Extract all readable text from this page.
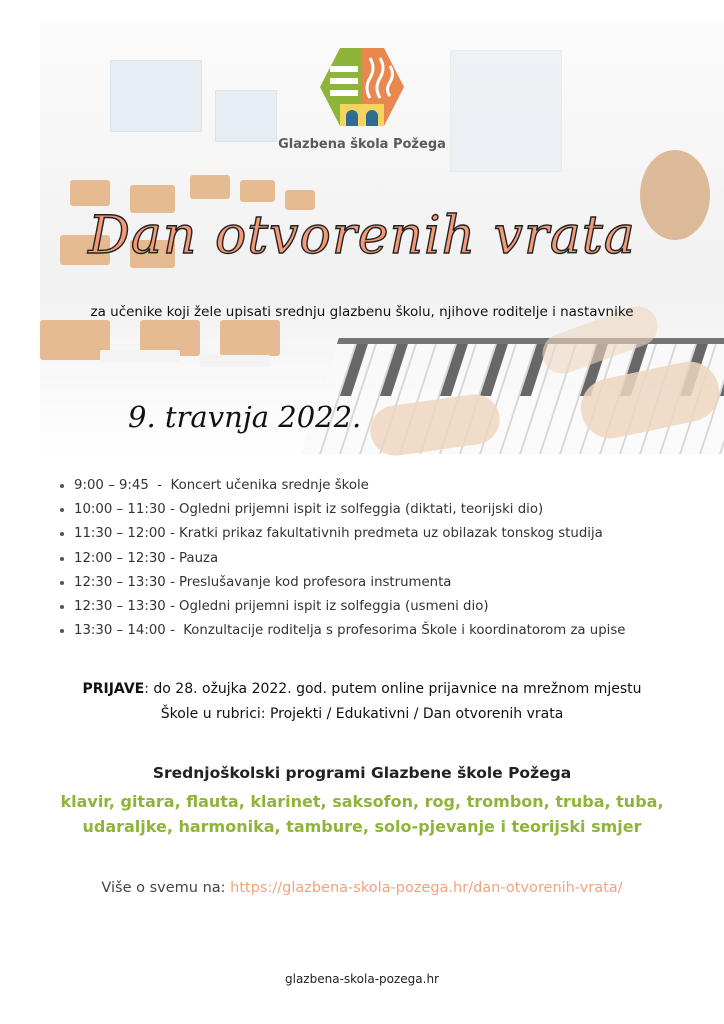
Glazbena škola Požega
Dan otvorenih vrata
za učenike koji žele upisati srednju glazbenu školu, njihove roditelje i nastavnike
9. travnja 2022.
• 9:00 – 9:45  -  Koncert učenika srednje škole
• 10:00 – 11:30 - Ogledni prijemni ispit iz solfeggia (diktati, teorijski dio)
• 11:30 – 12:00 - Kratki prikaz fakultativnih predmeta uz obilazak tonskog studija
• 12:00 – 12:30 - Pauza
• 12:30 – 13:30 - Preslušavanje kod profesora instrumenta
• 12:30 – 13:30 - Ogledni prijemni ispit iz solfeggia (usmeni dio)
• 13:30 – 14:00 -  Konzultacije roditelja s profesorima Škole i koordinatorom za upise
PRIJAVE: do 28. ožujka 2022. god. putem online prijavnice na mrežnom mjestu
Škole u rubrici: Projekti / Edukativni / Dan otvorenih vrata
Srednjoškolski programi Glazbene škole Požega
klavir, gitara, flauta, klarinet, saksofon, rog, trombon, truba, tuba,
udaraljke, harmonika, tambure, solo-pjevanje i teorijski smjer
Više o svemu na: https://glazbena-skola-pozega.hr/dan-otvorenih-vrata/
glazbena-skola-pozega.hr
